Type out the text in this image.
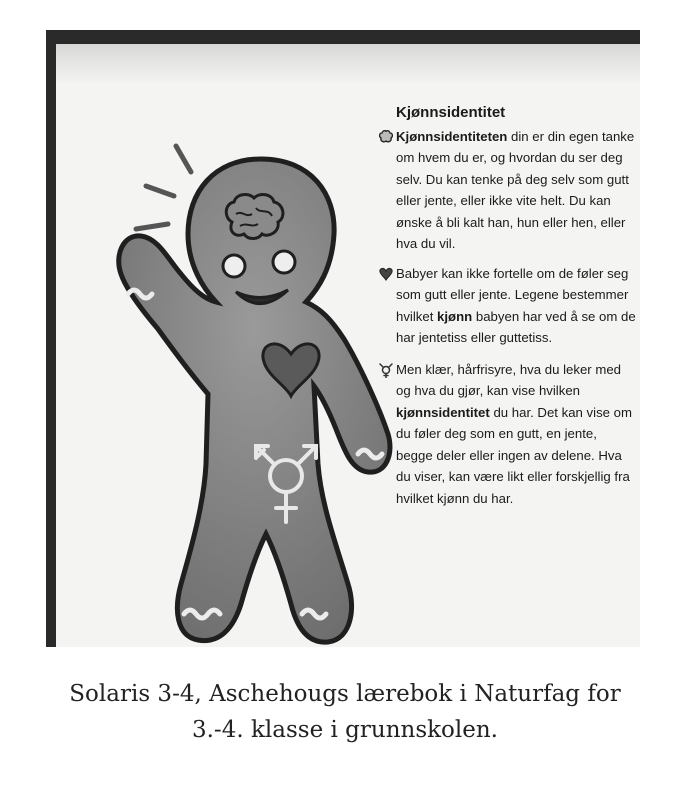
Kjønnsidentitet
Kjønnsidentiteten din er din egen tanke om hvem du er, og hvordan du ser deg selv. Du kan tenke på deg selv som gutt eller jente, eller ikke vite helt. Du kan ønske å bli kalt han, hun eller hen, eller hva du vil.
Babyer kan ikke fortelle om de føler seg som gutt eller jente. Legene bestemmer hvilket kjønn babyen har ved å se om de har jentetiss eller guttetiss.
Men klær, hårfrisyre, hva du leker med og hva du gjør, kan vise hvilken kjønnsidentitet du har. Det kan vise om du føler deg som en gutt, en jente, begge deler eller ingen av delene. Hva du viser, kan være likt eller forskjellig fra hvilket kjønn du har.
Solaris 3-4, Aschehougs lærebok i Naturfag for
3.-4. klasse i grunnskolen.
